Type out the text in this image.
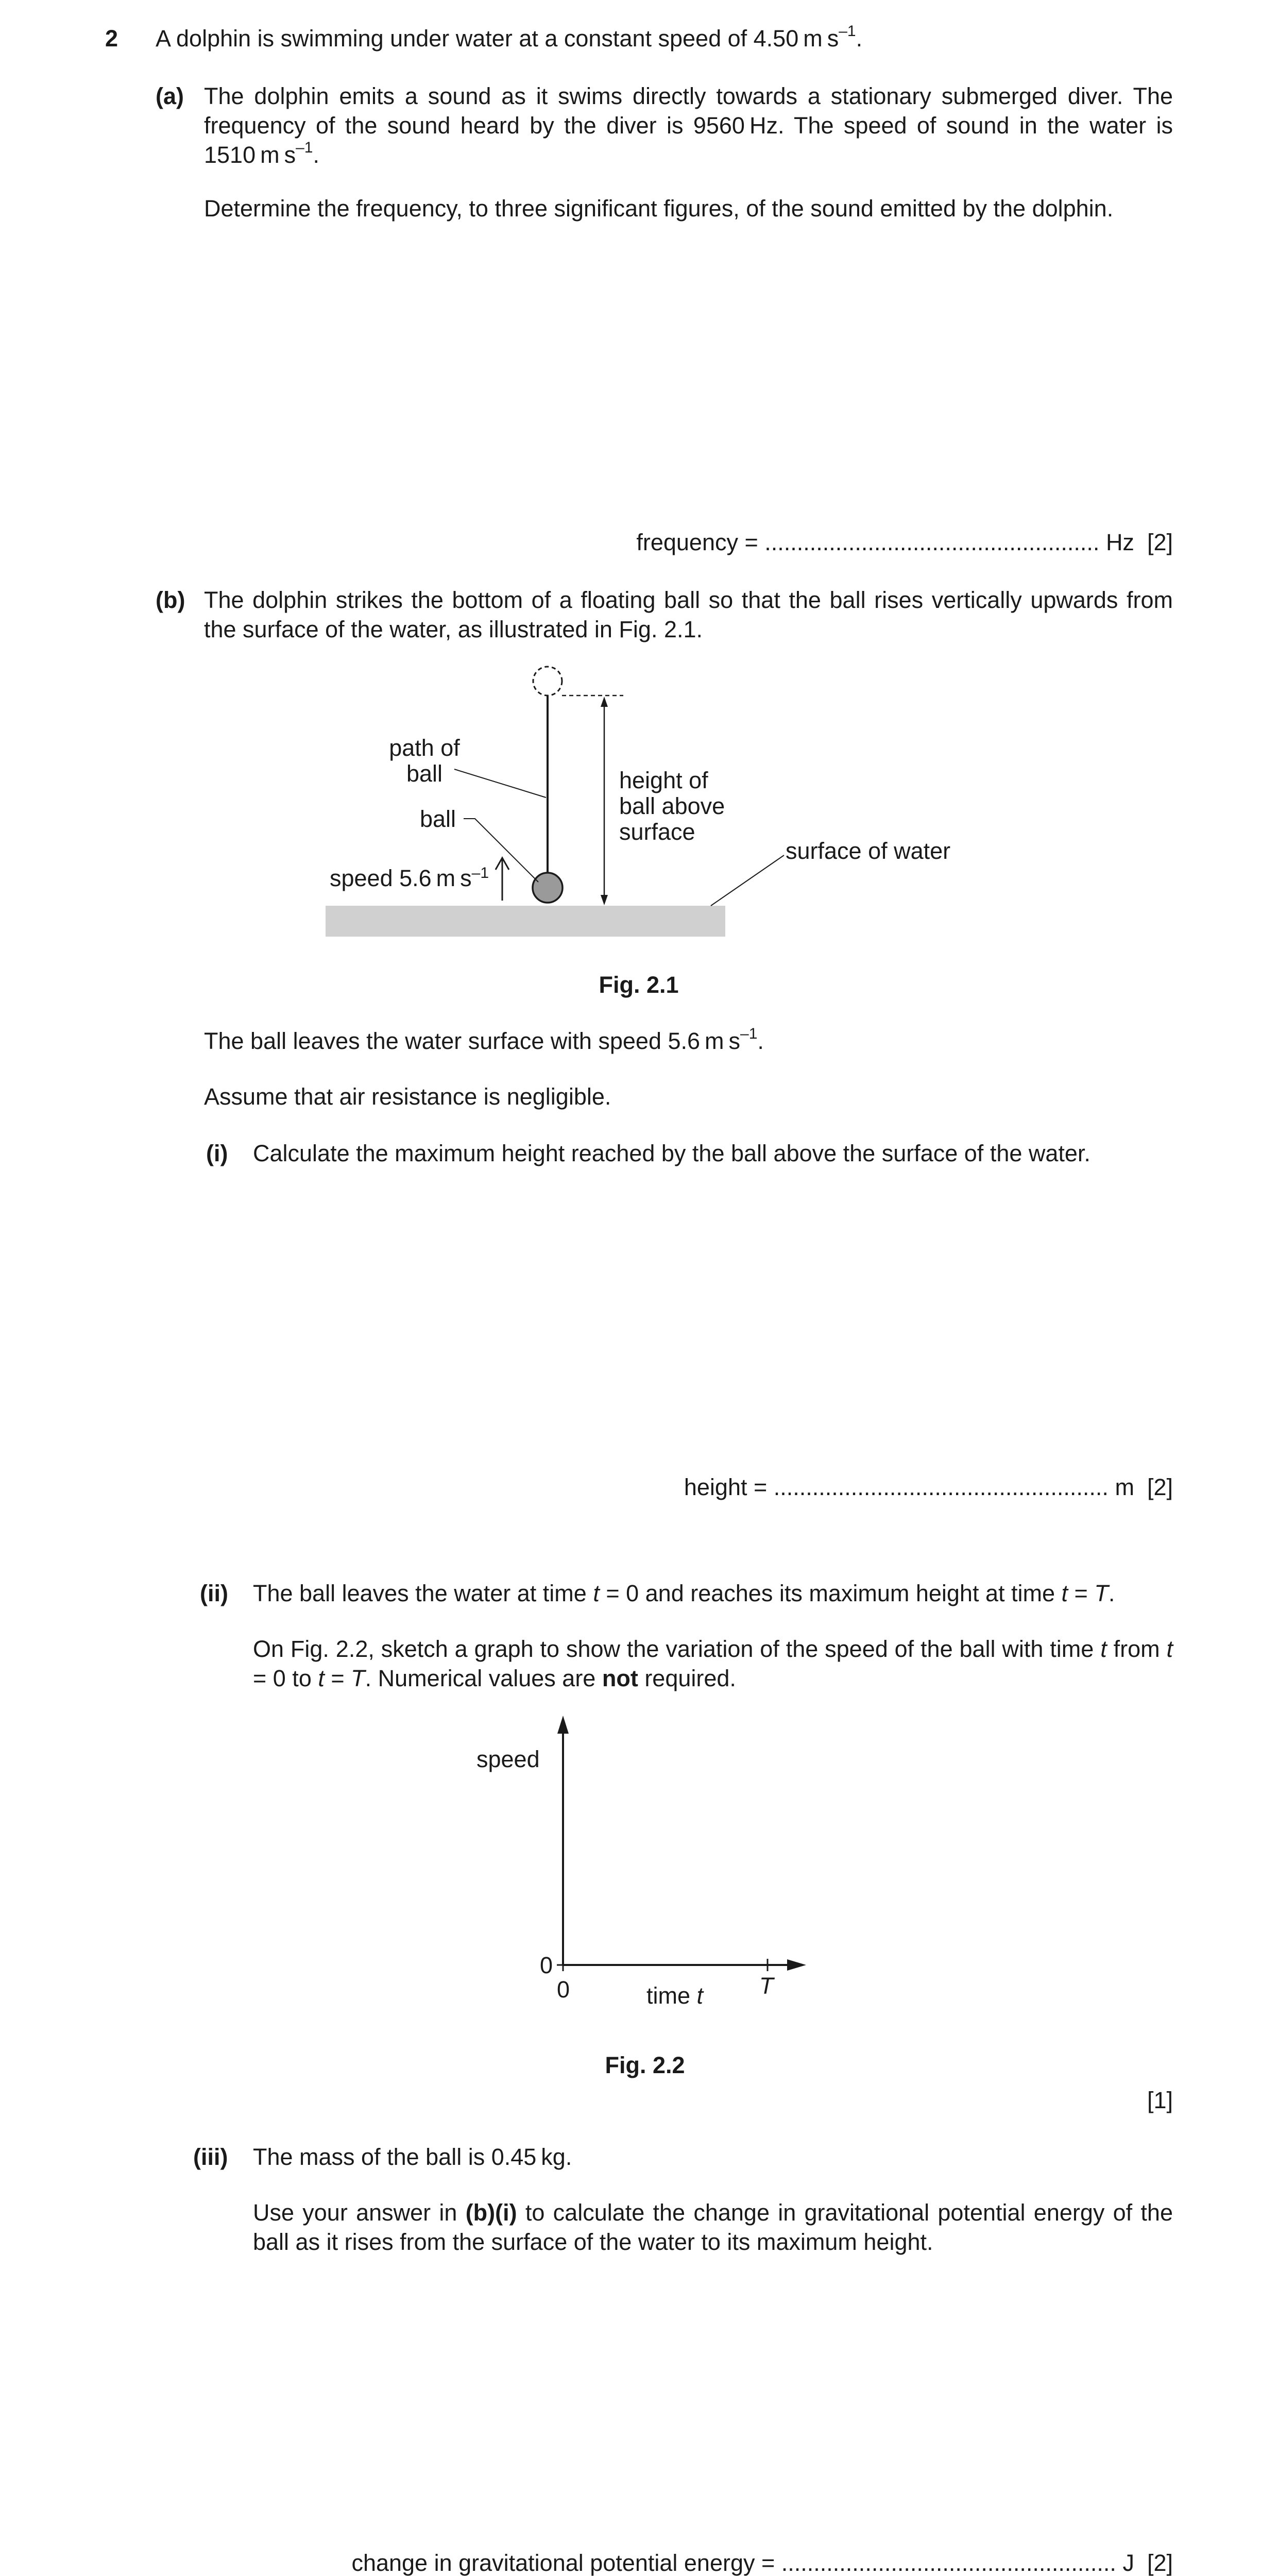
2 A dolphin is swimming under water at a constant speed of 4.50 m $s^{-1}$.
(a) The dolphin emits a sound as it swims directly towards a stationary submerged diver. The frequency of the sound heard by the diver is 9560 Hz. The speed of sound in the water is 1510 m $s^{-1}$.
Determine the frequency, to three significant figures, of the sound emitted by the dolphin.
frequency = .................................................... Hz [2]
(b) The dolphin strikes the bottom of a floating ball so that the ball rises vertically upwards from the surface of the water, as illustrated in Fig. 2.1.
path of
ball
ball
speed 5.6 m $s^{-1}$
height of
ball above
surface
surface of water
Fig. 2.1
The ball leaves the water surface with speed 5.6 m $s^{-1}$.
Assume that air resistance is negligible.
(i) Calculate the maximum height reached by the ball above the surface of the water.
height = .................................................... m [2]
(ii) The ball leaves the water at time t = 0 and reaches its maximum height at time t = T.
On Fig. 2.2, sketch a graph to show the variation of the speed of the ball with time t from t = 0 to t = T. Numerical values are not required.
speed
0
0	time t T
Fig. 2.2
[1]
(iii) The mass of the ball is 0.45 kg.
Use your answer in (b)(i) to calculate the change in gravitational potential energy of the ball as it rises from the surface of the water to its maximum height.
change in gravitational potential energy = .................................................... J [2]
